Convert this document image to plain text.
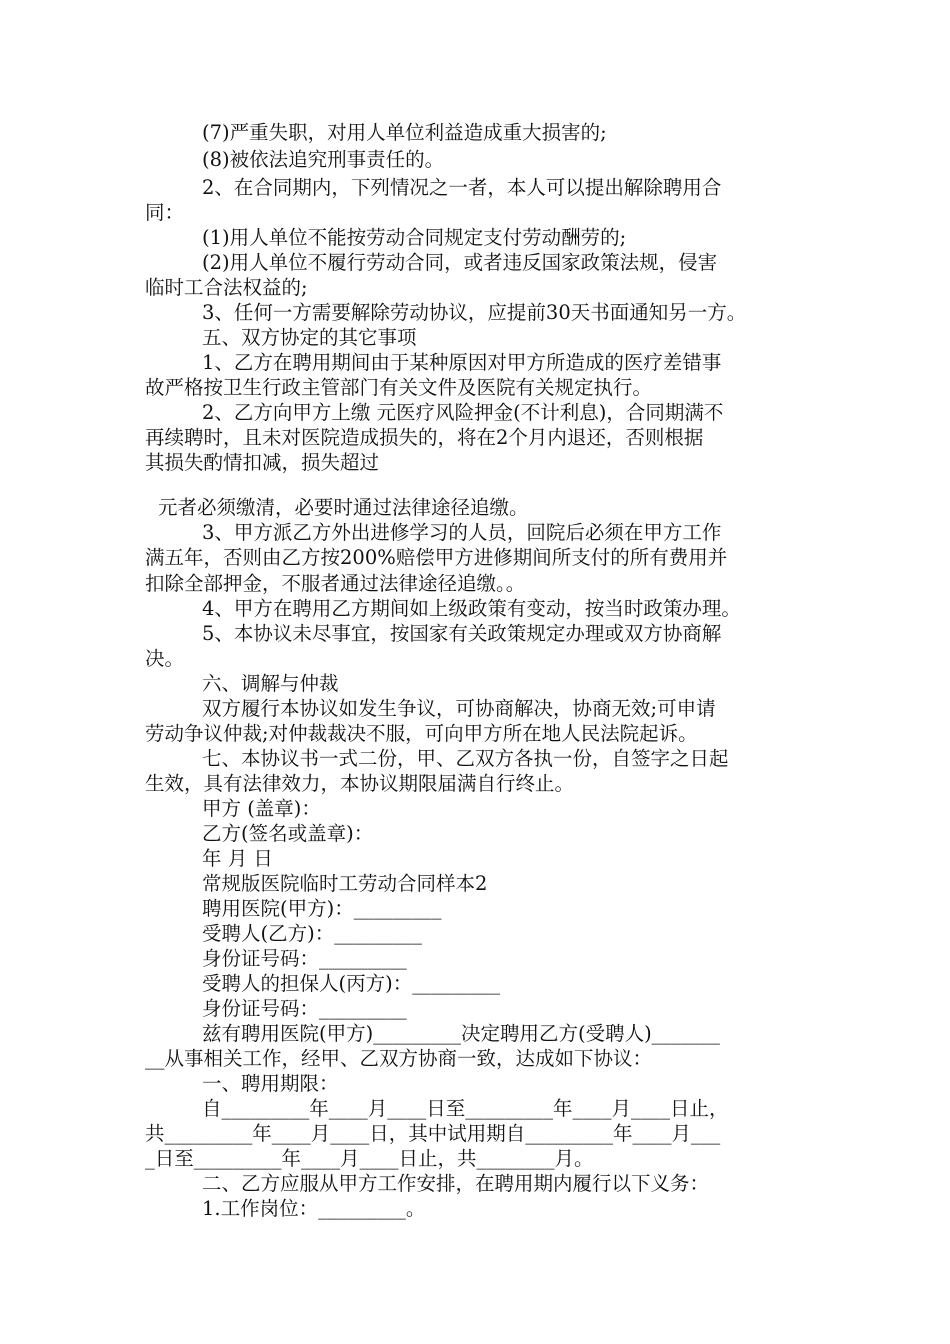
(7)严重失职，对用人单位利益造成重大损害的;
(8)被依法追究刑事责任的。
2、在合同期内，下列情况之一者，本人可以提出解除聘用合
同：
(1)用人单位不能按劳动合同规定支付劳动酬劳的;
(2)用人单位不履行劳动合同，或者违反国家政策法规，侵害
临时工合法权益的;
3、任何一方需要解除劳动协议，应提前30天书面通知另一方。
五、双方协定的其它事项
1、乙方在聘用期间由于某种原因对甲方所造成的医疗差错事
故严格按卫生行政主管部门有关文件及医院有关规定执行。
2、乙方向甲方上缴 元医疗风险押金(不计利息)，合同期满不
再续聘时，且未对医院造成损失的，将在2个月内退还，否则根据
其损失酌情扣减，损失超过
元者必须缴清，必要时通过法律途径追缴。
3、甲方派乙方外出进修学习的人员，回院后必须在甲方工作
满五年，否则由乙方按200%赔偿甲方进修期间所支付的所有费用并
扣除全部押金，不服者通过法律途径追缴。。
4、甲方在聘用乙方期间如上级政策有变动，按当时政策办理。
5、本协议未尽事宜，按国家有关政策规定办理或双方协商解
决。
六、调解与仲裁
双方履行本协议如发生争议，可协商解决，协商无效;可申请
劳动争议仲裁;对仲裁裁决不服，可向甲方所在地人民法院起诉。
七、本协议书一式二份，甲、乙双方各执一份，自签字之日起
生效，具有法律效力，本协议期限届满自行终止。
甲方 (盖章)：
乙方(签名或盖章)：
年 月 日
常规版医院临时工劳动合同样本2
聘用医院(甲方)：_________
受聘人(乙方)：_________
身份证号码：_________
受聘人的担保人(丙方)：_________
身份证号码：_________
兹有聘用医院(甲方)_________决定聘用乙方(受聘人)_______
__从事相关工作，经甲、乙双方协商一致，达成如下协议：
一、聘用期限：
自_________年____月____日至_________年____月____日止，
共_________年____月____日，其中试用期自_________年____月___
_日至_________年____月____日止，共________月。
二、乙方应服从甲方工作安排，在聘用期内履行以下义务：
1.工作岗位：_________。
